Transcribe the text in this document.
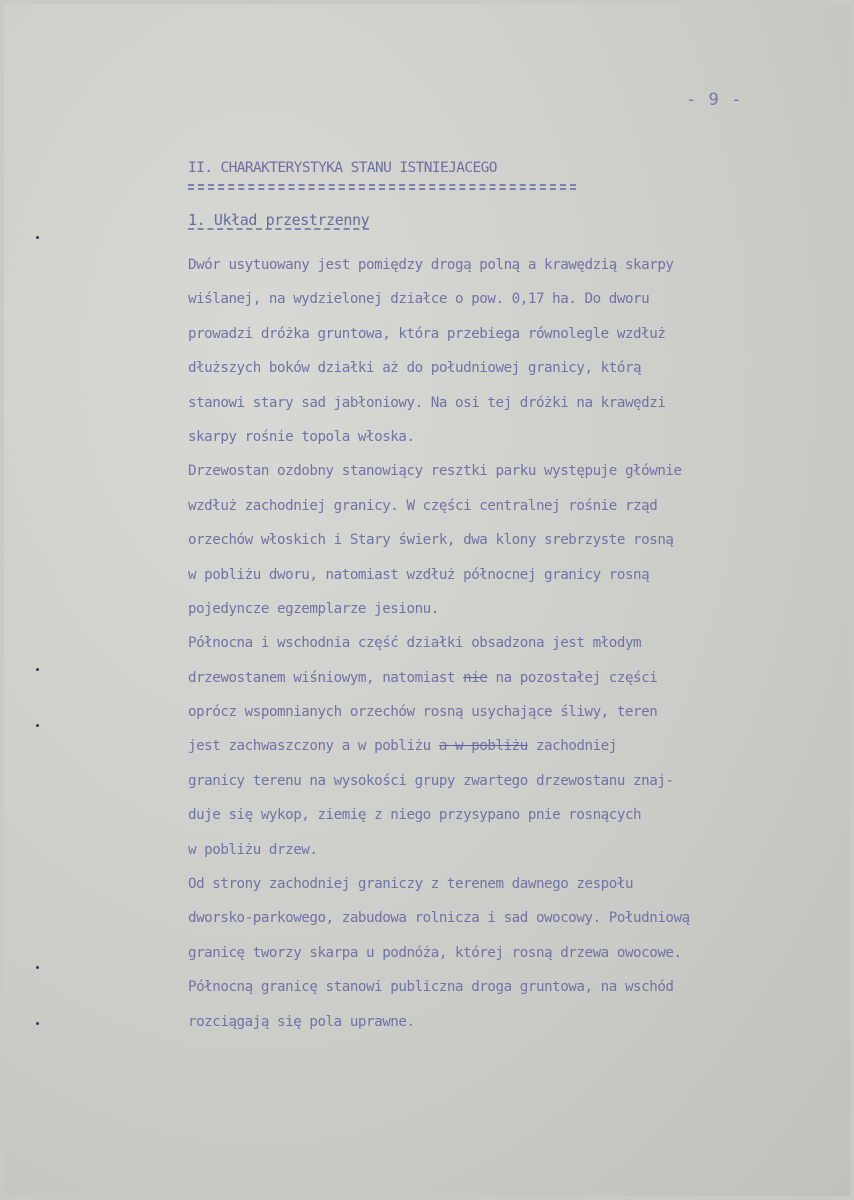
- 9 -
II. CHARAKTERYSTYKA STANU ISTNIEJACEGO
1. Układ przestrzenny
Dwór usytuowany jest pomiędzy drogą polną a krawędzią skarpy
wiślanej, na wydzielonej działce o pow. 0,17 ha. Do dworu
prowadzi dróżka gruntowa, która przebiega równolegle wzdłuż
dłuższych boków działki aż do południowej granicy, którą
stanowi stary sad jabłoniowy. Na osi tej dróżki na krawędzi
skarpy rośnie topola włoska.
Drzewostan ozdobny stanowiący resztki parku występuje głównie
wzdłuż zachodniej granicy. W części centralnej rośnie rząd
orzechów włoskich i Stary świerk, dwa klony srebrzyste rosną
w pobliżu dworu, natomiast wzdłuż północnej granicy rosną
pojedyncze egzemplarze jesionu.
Północna i wschodnia część działki obsadzona jest młodym
drzewostanem wiśniowym, natomiast nie na pozostałej części
oprócz wspomnianych orzechów rosną usychające śliwy, teren
jest zachwaszczony a w pobliżu a w pobliżu zachodniej
granicy terenu na wysokości grupy zwartego drzewostanu znaj-
duje się wykop, ziemię z niego przysypano pnie rosnących
w pobliżu drzew.
Od strony zachodniej graniczy z terenem dawnego zespołu
dworsko-parkowego, zabudowa rolnicza i sad owocowy. Południową
granicę tworzy skarpa u podnóża, której rosną drzewa owocowe.
Północną granicę stanowi publiczna droga gruntowa, na wschód
rozciągają się pola uprawne.
